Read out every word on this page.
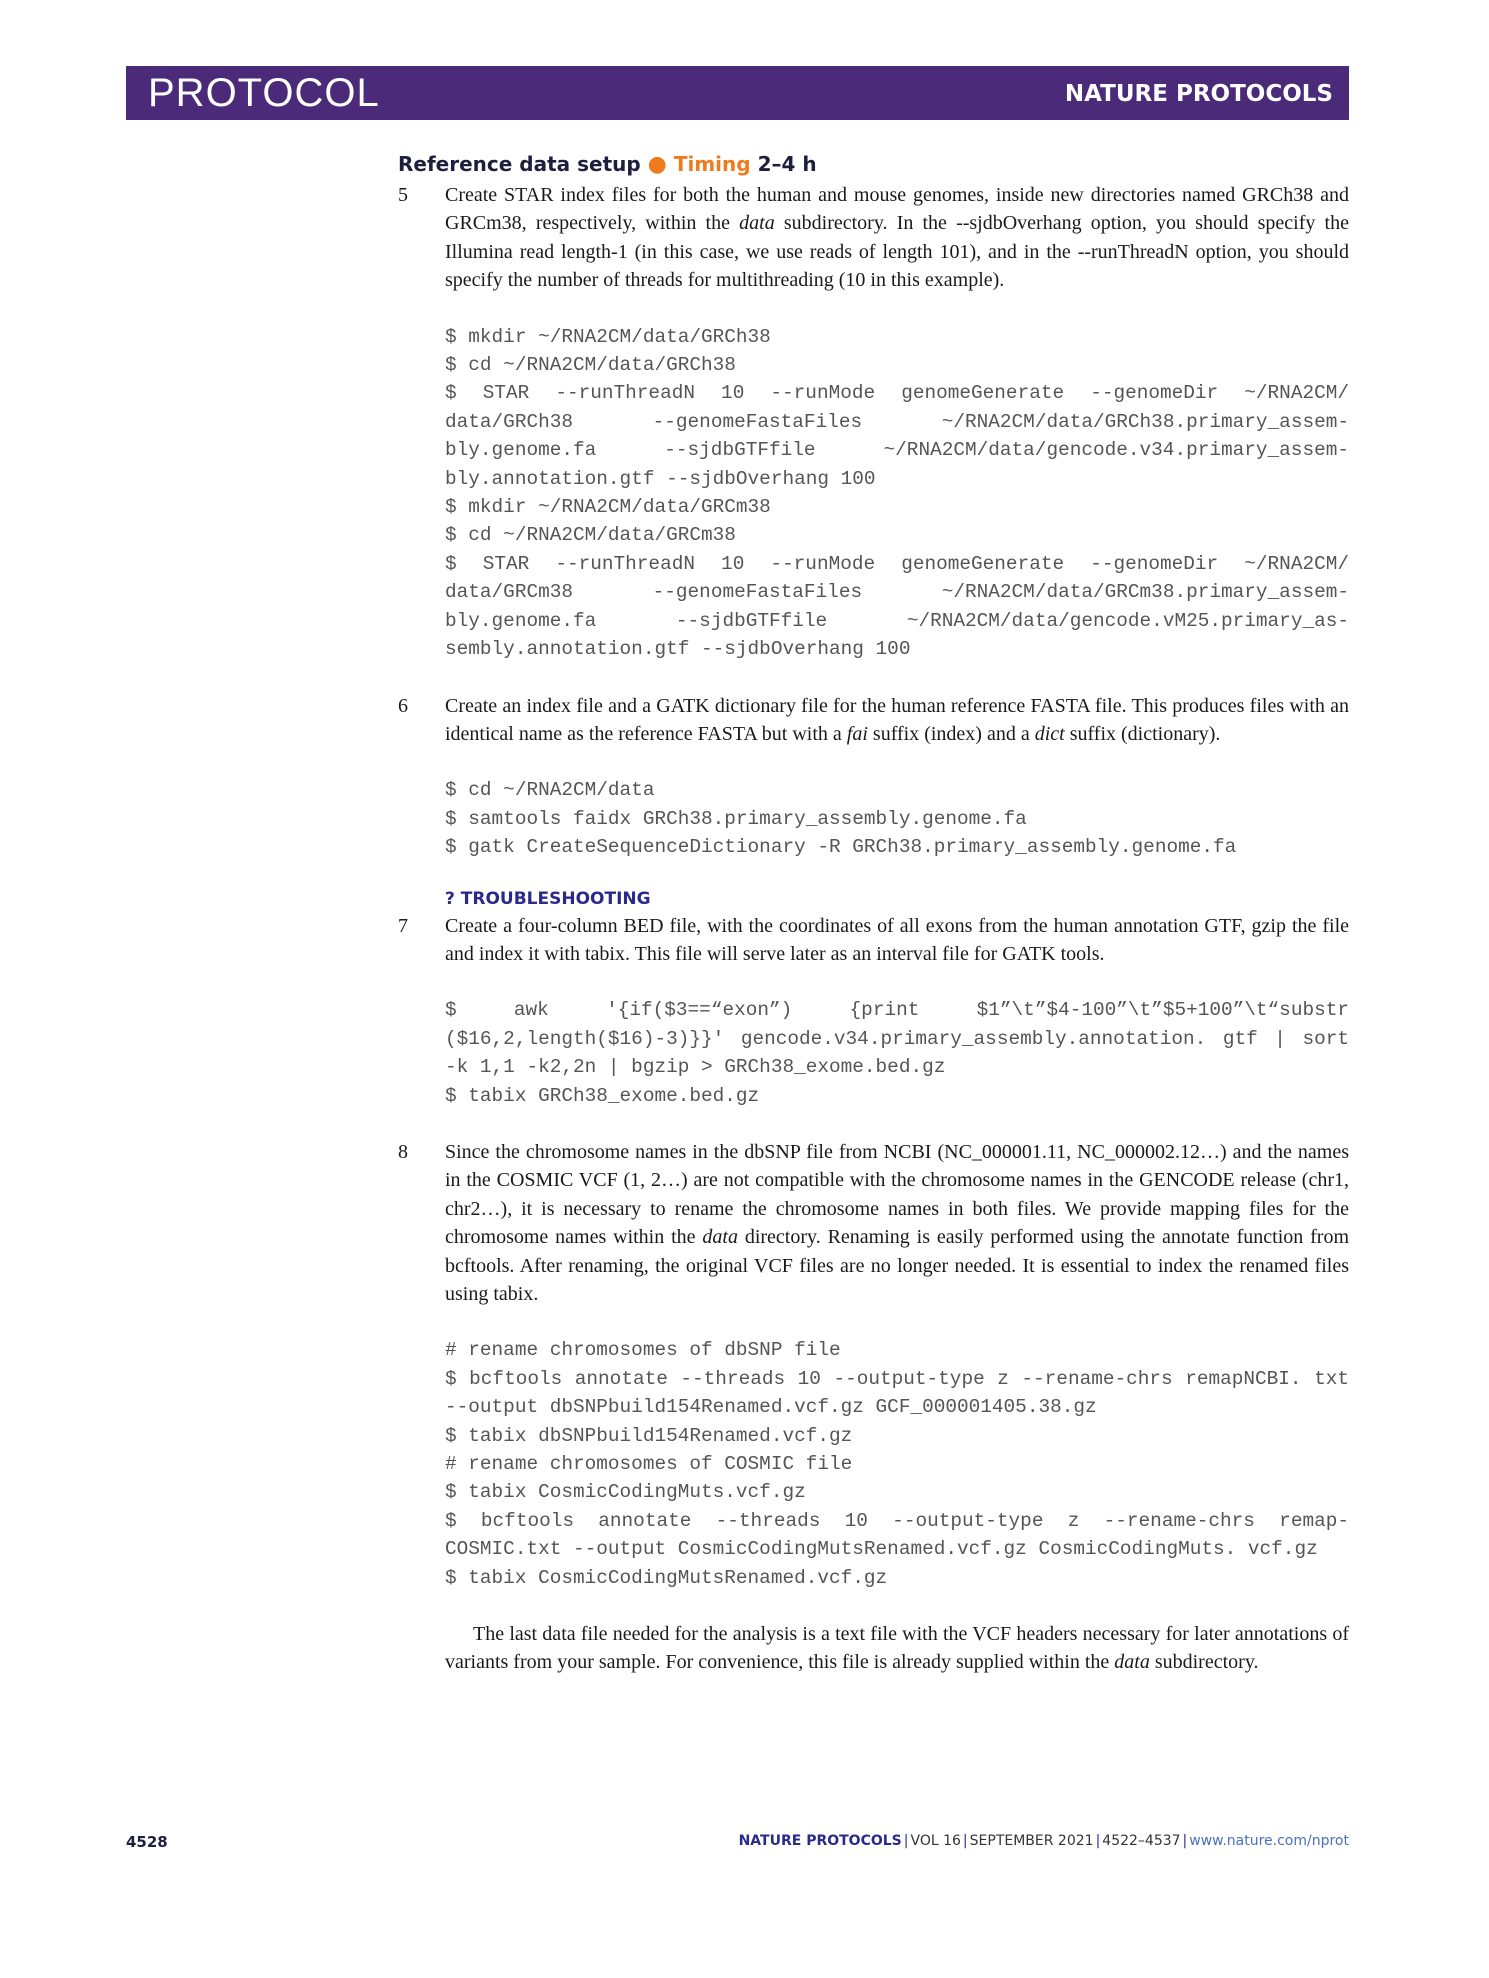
PROTOCOL	NATURE PROTOCOLS
Reference data setup ● Timing 2–4 h
5 Create STAR index files for both the human and mouse genomes, inside new directories named GRCh38 and GRCm38, respectively, within the data subdirectory. In the --sjdbOverhang option, you should specify the Illumina read length-1 (in this case, we use reads of length 101), and in the --runThreadN option, you should specify the number of threads for multithreading (10 in this example).

$ mkdir ~/RNA2CM/data/GRCh38
$ cd ~/RNA2CM/data/GRCh38
$ STAR --runThreadN 10 --runMode genomeGenerate --genomeDir ~/RNA2CM/ data/GRCh38 --genomeFastaFiles ~/RNA2CM/data/GRCh38.primary_assem- bly.genome.fa --sjdbGTFfile ~/RNA2CM/data/gencode.v34.primary_assem- bly.annotation.gtf --sjdbOverhang 100
$ mkdir ~/RNA2CM/data/GRCm38
$ cd ~/RNA2CM/data/GRCm38
$ STAR --runThreadN 10 --runMode genomeGenerate --genomeDir ~/RNA2CM/ data/GRCm38 --genomeFastaFiles ~/RNA2CM/data/GRCm38.primary_assem- bly.genome.fa --sjdbGTFfile ~/RNA2CM/data/gencode.vM25.primary_as- sembly.annotation.gtf --sjdbOverhang 100
6 Create an index file and a GATK dictionary file for the human reference FASTA file. This produces files with an identical name as the reference FASTA but with a fai suffix (index) and a dict suffix (dictionary).

$ cd ~/RNA2CM/data
$ samtools faidx GRCh38.primary_assembly.genome.fa
$ gatk CreateSequenceDictionary -R GRCh38.primary_assembly.genome.fa
? TROUBLESHOOTING
7 Create a four-column BED file, with the coordinates of all exons from the human annotation GTF, gzip the file and index it with tabix. This file will serve later as an interval file for GATK tools.

$ awk '{if($3==“exon”) {print $1”\t”$4-100”\t”$5+100”\t“substr ($16,2,length($16)-3)}}' gencode.v34.primary_assembly.annotation. gtf | sort -k 1,1 -k2,2n | bgzip > GRCh38_exome.bed.gz
$ tabix GRCh38_exome.bed.gz
8 Since the chromosome names in the dbSNP file from NCBI (NC_000001.11, NC_000002.12…) and the names in the COSMIC VCF (1, 2…) are not compatible with the chromosome names in the GENCODE release (chr1, chr2…), it is necessary to rename the chromosome names in both files. We provide mapping files for the chromosome names within the data directory. Renaming is easily performed using the annotate function from bcftools. After renaming, the original VCF files are no longer needed. It is essential to index the renamed files using tabix.

# rename chromosomes of dbSNP file
$ bcftools annotate --threads 10 --output-type z --rename-chrs remapNCBI. txt --output dbSNPbuild154Renamed.vcf.gz GCF_000001405.38.gz
$ tabix dbSNPbuild154Renamed.vcf.gz
# rename chromosomes of COSMIC file
$ tabix CosmicCodingMuts.vcf.gz
$ bcftools annotate --threads 10 --output-type z --rename-chrs remap- COSMIC.txt --output CosmicCodingMutsRenamed.vcf.gz CosmicCodingMuts. vcf.gz
$ tabix CosmicCodingMutsRenamed.vcf.gz

The last data file needed for the analysis is a text file with the VCF headers necessary for later annotations of variants from your sample. For convenience, this file is already supplied within the data subdirectory.

4528	NATURE PROTOCOLS | VOL 16 | SEPTEMBER 2021 | 4522–4537 | www.nature.com/nprot
